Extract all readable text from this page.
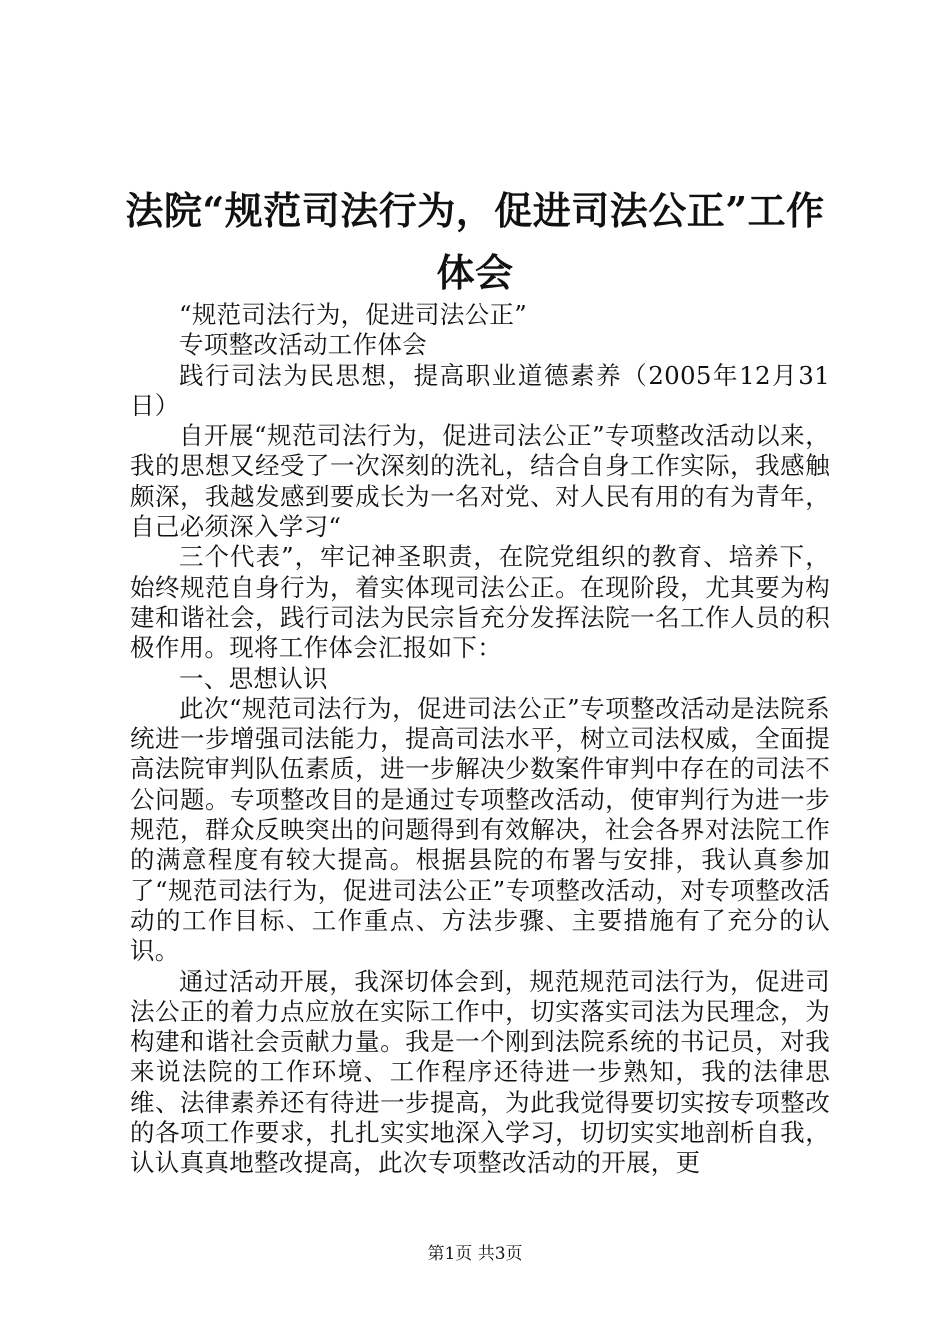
法院“规范司法行为，促进司法公正”工作体会

“规范司法行为，促进司法公正”

专项整改活动工作体会

践行司法为民思想，提高职业道德素养（2005年12月31日）

自开展“规范司法行为，促进司法公正”专项整改活动以来，我的思想又经受了一次深刻的洗礼，结合自身工作实际，我感触颇深，我越发感到要成长为一名对党、对人民有用的有为青年，自己必须深入学习“

三个代表”，牢记神圣职责，在院党组织的教育、培养下，始终规范自身行为，着实体现司法公正。在现阶段，尤其要为构建和谐社会，践行司法为民宗旨充分发挥法院一名工作人员的积极作用。现将工作体会汇报如下：

一、思想认识

此次“规范司法行为，促进司法公正”专项整改活动是法院系统进一步增强司法能力，提高司法水平，树立司法权威，全面提高法院审判队伍素质，进一步解决少数案件审判中存在的司法不公问题。专项整改目的是通过专项整改活动，使审判行为进一步规范，群众反映突出的问题得到有效解决，社会各界对法院工作的满意程度有较大提高。根据县院的布署与安排，我认真参加了“规范司法行为，促进司法公正”专项整改活动，对专项整改活动的工作目标、工作重点、方法步骤、主要措施有了充分的认识。

通过活动开展，我深切体会到，规范规范司法行为，促进司法公正的着力点应放在实际工作中，切实落实司法为民理念，为构建和谐社会贡献力量。我是一个刚到法院系统的书记员，对我来说法院的工作环境、工作程序还待进一步熟知，我的法律思维、法律素养还有待进一步提高，为此我觉得要切实按专项整改的各项工作要求，扎扎实实地深入学习，切切实实地剖析自我，认认真真地整改提高，此次专项整改活动的开展，更

第1页 共3页
